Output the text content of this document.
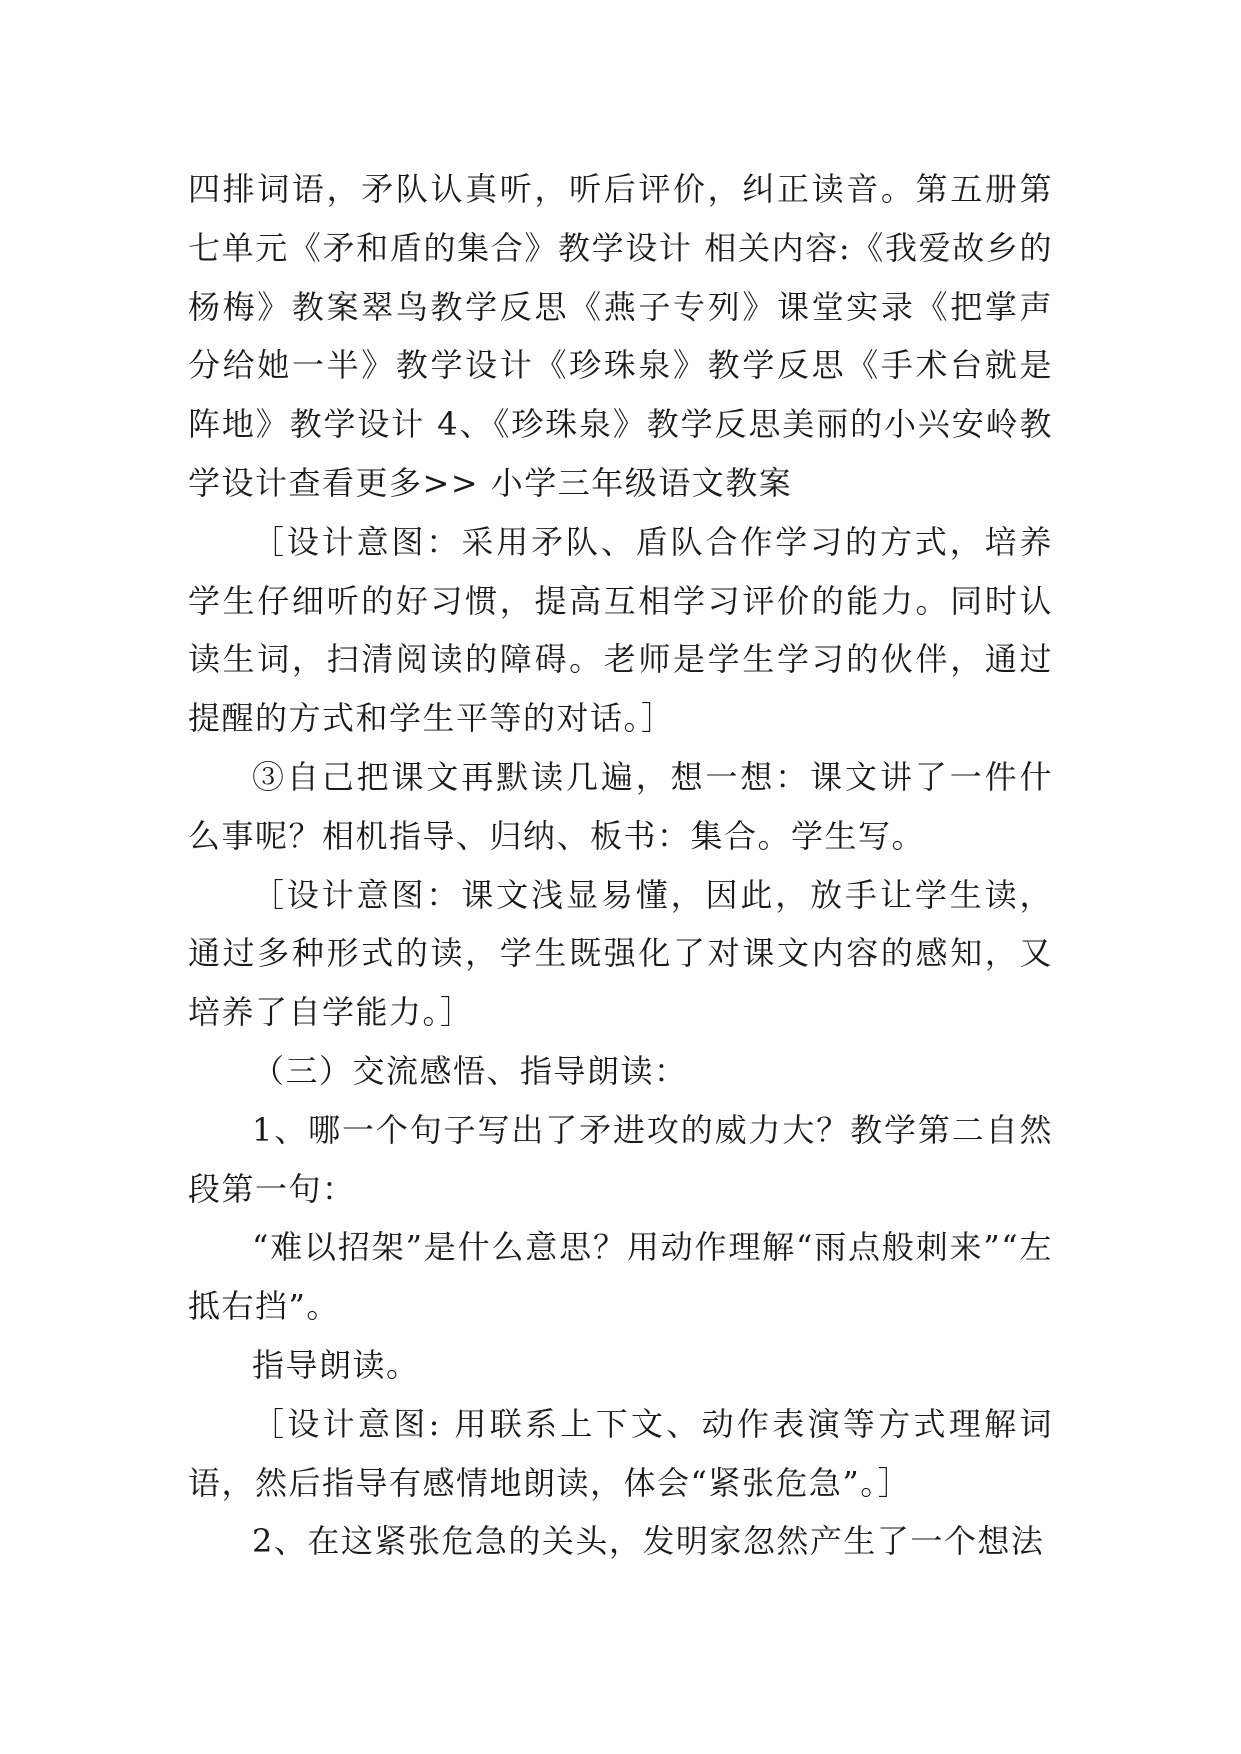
四排词语，矛队认真听，听后评价，纠正读音。第五册第七单元《矛和盾的集合》教学设计 相关内容:《我爱故乡的杨梅》教案翠鸟教学反思《燕子专列》课堂实录《把掌声分给她一半》教学设计《珍珠泉》教学反思《手术台就是阵地》教学设计 4、《珍珠泉》教学反思美丽的小兴安岭教学设计查看更多>> 小学三年级语文教案

［设计意图：采用矛队、盾队合作学习的方式，培养学生仔细听的好习惯，提高互相学习评价的能力。同时认读生词，扫清阅读的障碍。老师是学生学习的伙伴，通过提醒的方式和学生平等的对话。］

③自己把课文再默读几遍，想一想：课文讲了一件什么事呢？相机指导、归纳、板书：集合。学生写。

［设计意图：课文浅显易懂，因此，放手让学生读，通过多种形式的读，学生既强化了对课文内容的感知，又培养了自学能力。］

（三）交流感悟、指导朗读：

1、哪一个句子写出了矛进攻的威力大？教学第二自然段第一句：

“难以招架”是什么意思？用动作理解“雨点般刺来”“左抵右挡”。

指导朗读。

［设计意图: 用联系上下文、动作表演等方式理解词语，然后指导有感情地朗读，体会“紧张危急”。］

2、在这紧张危急的关头，发明家忽然产生了一个想法
